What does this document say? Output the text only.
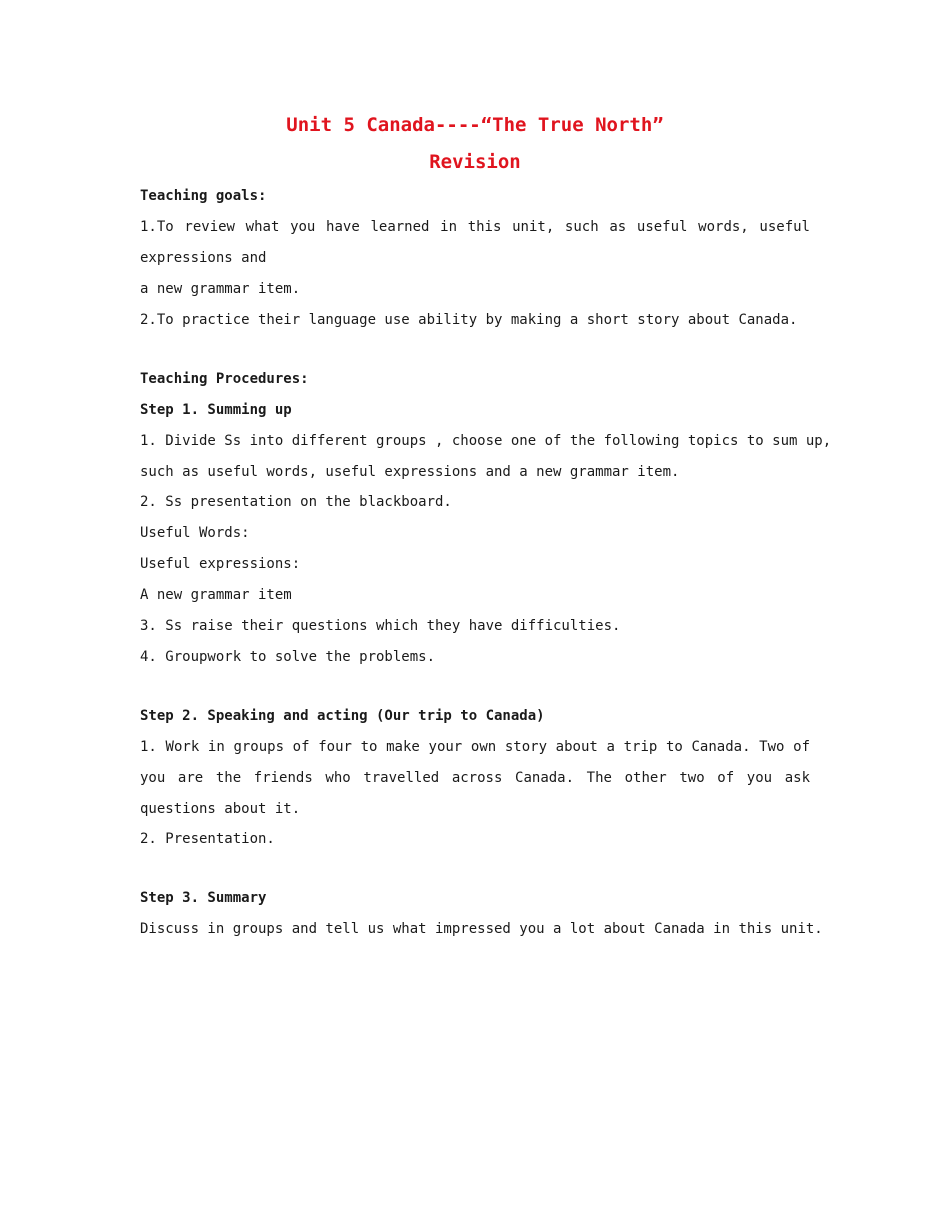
Unit 5 Canada----“The True North”
Revision
Teaching goals:
1.To review what you have learned in this unit, such as useful words, useful
expressions and
a new grammar item.
2.To practice their language use ability by making a short story about Canada.
Teaching Procedures:
Step 1. Summing up
1. Divide Ss into different groups , choose one of the following topics to sum up,
such as useful words, useful expressions and a new grammar item.
2. Ss presentation on the blackboard.
Useful Words:
Useful expressions:
A new grammar item
3. Ss raise their questions which they have difficulties.
4. Groupwork to solve the problems.
Step 2. Speaking and acting (Our trip to Canada)
1. Work in groups of four to make your own story about a trip to Canada. Two of
you are the friends who travelled across Canada. The other two of you ask
questions about it.
2. Presentation.
Step 3. Summary
Discuss in groups and tell us what impressed you a lot about Canada in this unit.
